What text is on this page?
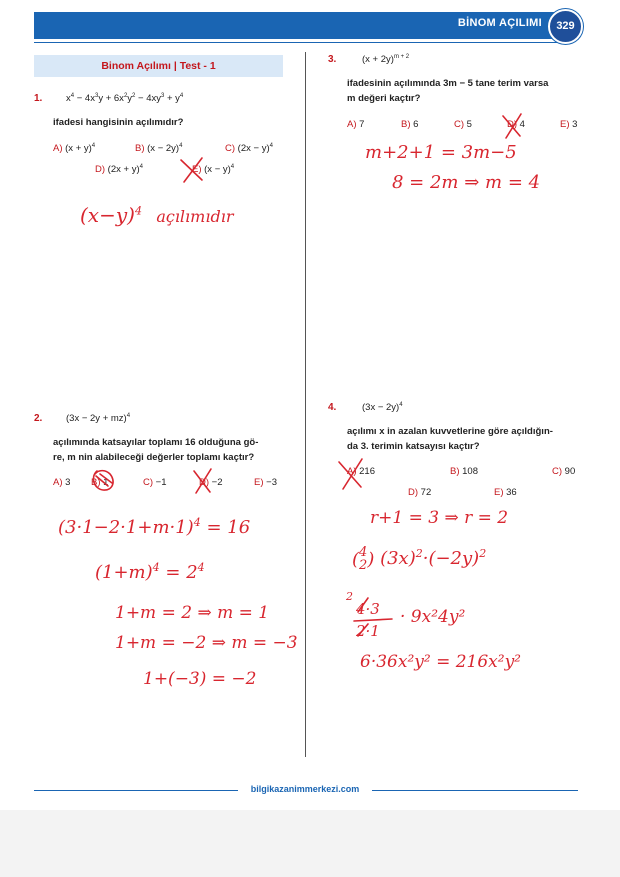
BİNOM AÇILIMI	329
Binom Açılımı | Test - 1
1. $x^4 - 4x^3y + 6x^2y^2 - 4xy^3 + y^4$
ifadesi hangisinin açılımıdır?
A) $(x + y)^4$	B) $(x - 2y)^4$	C) $(2x - y)^4$
D) $(2x + y)^4$	E) $(x - y)^4$
$(x-y)^4$ açılımıdır
2. (3x − 2y + mz)$^4$
açılımında katsayılar toplamı 16 olduğuna gö-
re, m nin alabileceği değerler toplamı kaçtır?
A) 3 B) 1	C) −1	D) −2	E) −3
$(3\cdot 1-2\cdot 1+m\cdot 1)^4 = 16$
$(1+m)^4 = 2^4$
1+m = 2 ⇒ m = 1
1+m = −2 ⇒ m = −3
1+(−3) = −2
3.	$(x + 2y)^{m + 2}$
ifadesinin açılımında 3m − 5 tane terim varsa
m değeri kaçtır?
A) 7	B) 6	C) 5	D) 4	E) 3
m+2+1 = 3m−5
8 = 2m ⇒ m = 4
4.	$(3x - 2y)^4$
açılımı x in azalan kuvvetlerine göre açıldığın-
da 3. terimin katsayısı kaçtır?
A) 216	B) 108	C) 90
D) 72	E) 36
r+1 = 3 ⇒ r = 2
(4
2) $(3x)^2\cdot(-2y)^2$
2
4·3
2·1
· 9x²4y²
6·36x²y² = 216x²y²
bilgikazanimmerkezi.com
